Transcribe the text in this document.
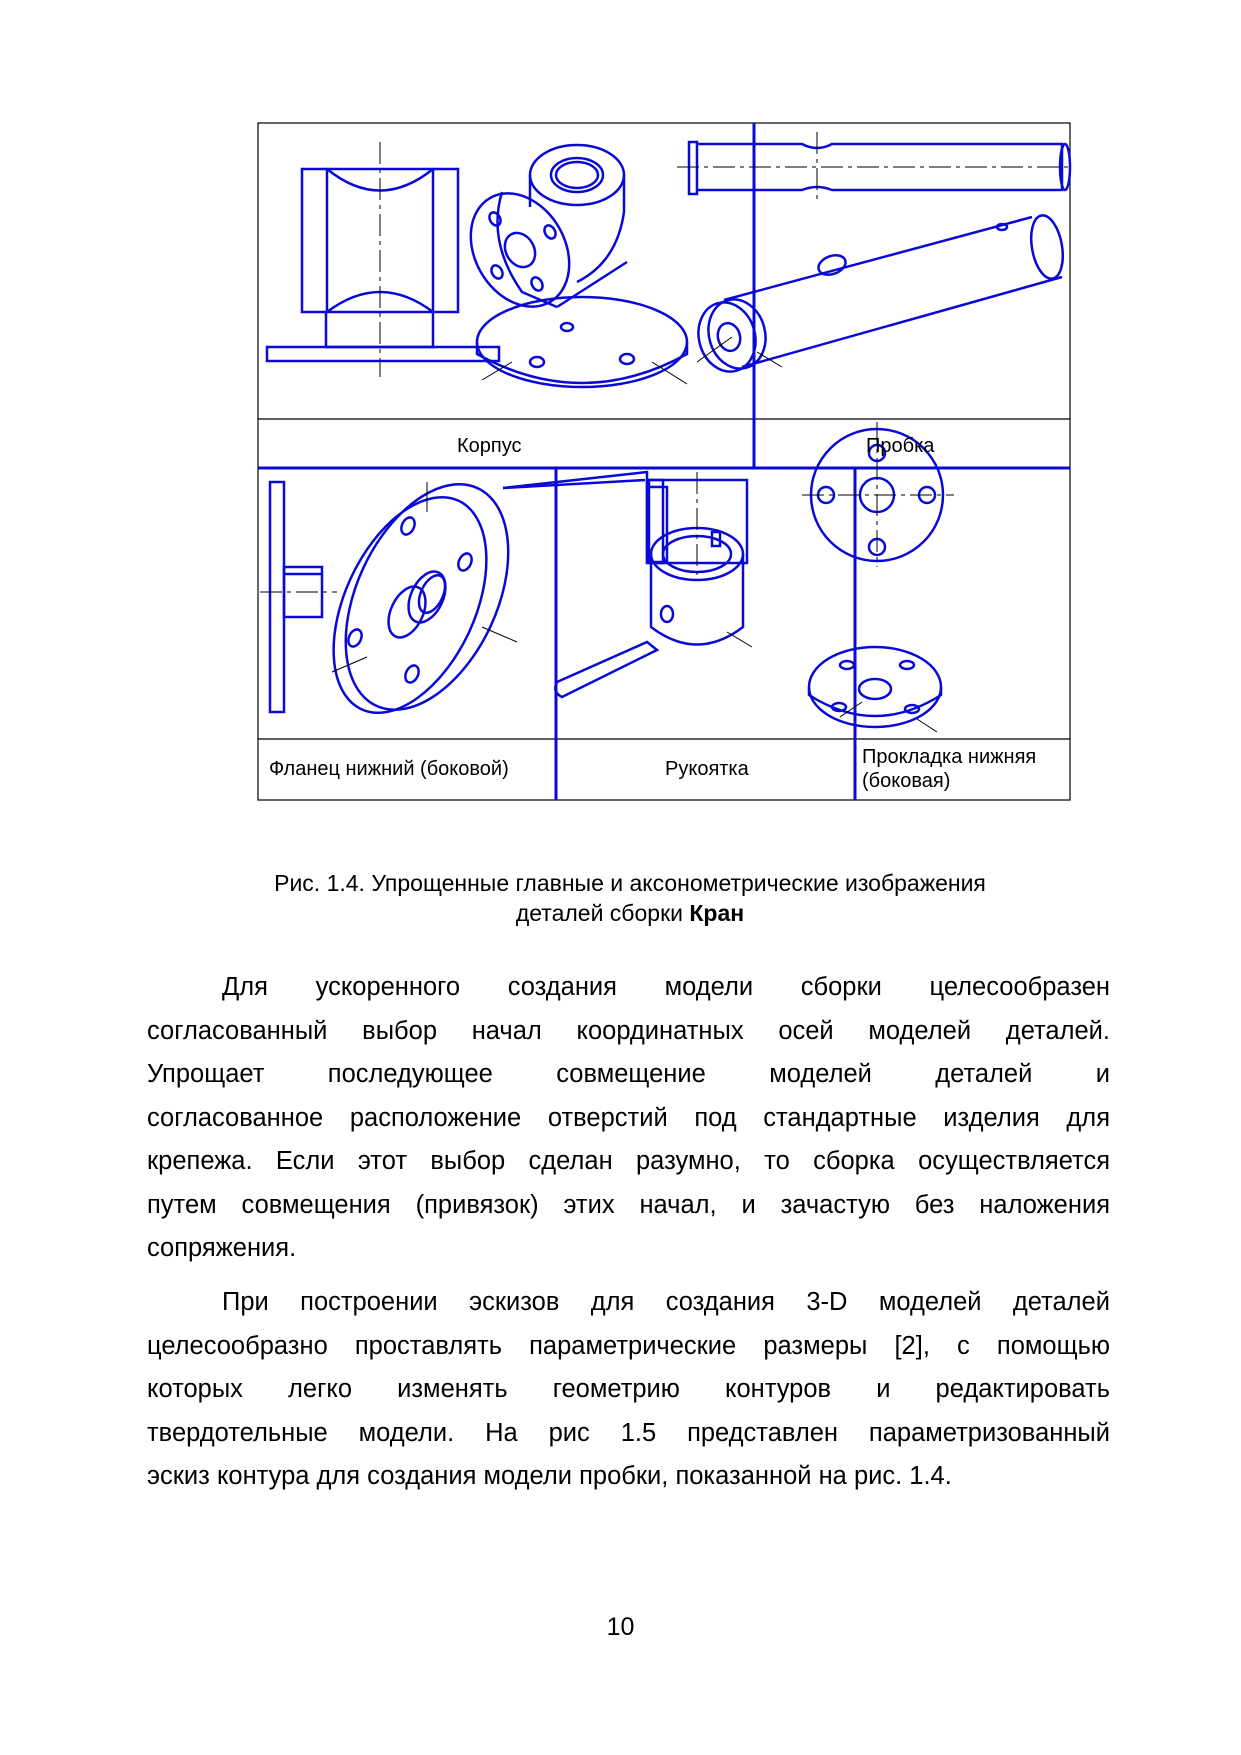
Корпус	Пробка
Фланец нижний (боковой)	Рукоятка
Прокладка нижняя
(боковая)
Рис. 1.4. Упрощенные главные и аксонометрические изображения
деталей сборки Кран
Для ускоренного создания модели сборки целесообразен
согласованный выбор начал координатных осей моделей деталей.
Упрощает последующее совмещение моделей деталей и
согласованное расположение отверстий под стандартные изделия для
крепежа. Если этот выбор сделан разумно, то сборка осуществляется
путем совмещения (привязок) этих начал, и зачастую без наложения
сопряжения.
При построении эскизов для создания 3-D моделей деталей
целесообразно проставлять параметрические размеры [2], с помощью
которых легко изменять геометрию контуров и редактировать
твердотельные модели. На рис 1.5 представлен параметризованный
эскиз контура для создания модели пробки, показанной на рис. 1.4.
10
